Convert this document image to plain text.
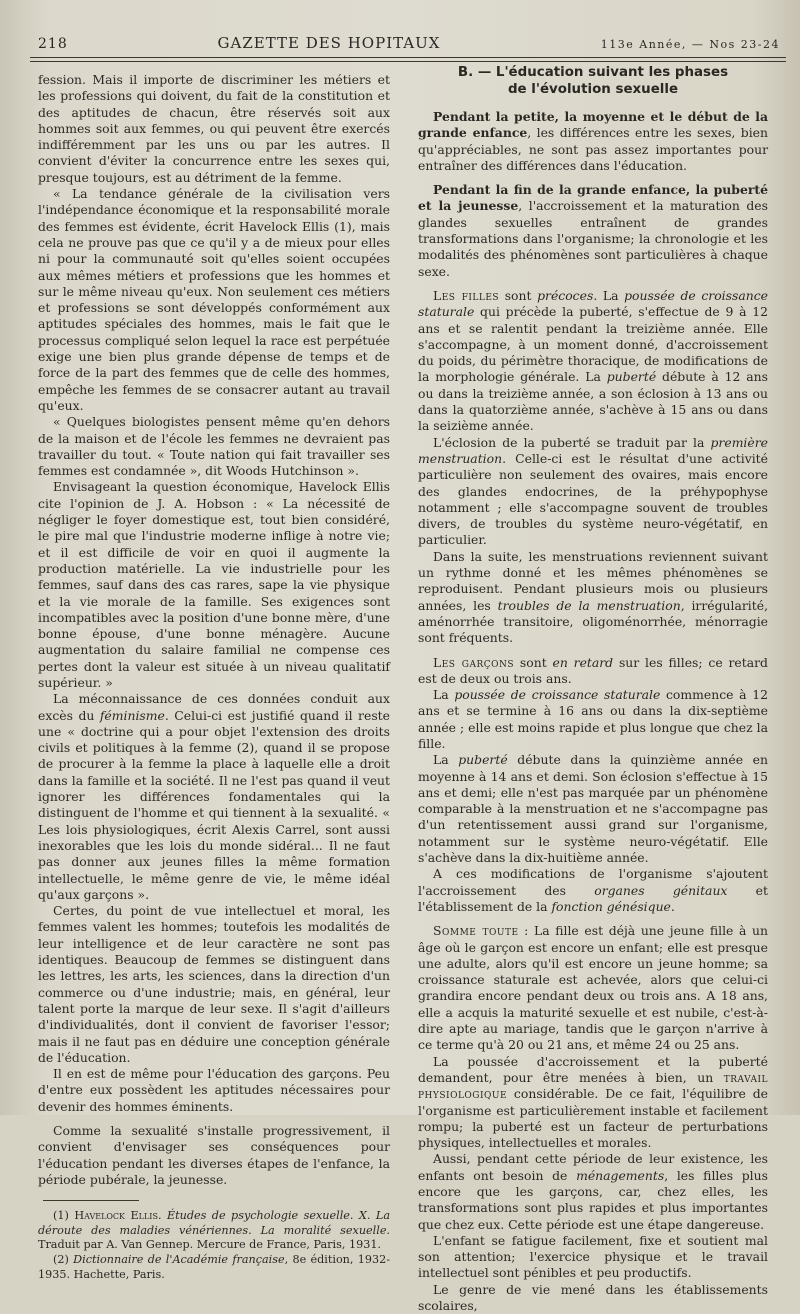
218	GAZETTE DES HOPITAUX	113e Année, — Nos 23-24

fession. Mais il importe de discriminer les métiers et les professions qui doivent, du fait de la constitution et des aptitudes de chacun, être réservés soit aux hommes soit aux femmes, ou qui peuvent être exercés indifféremment par les uns ou par les autres. Il convient d'éviter la concurrence entre les sexes qui, presque toujours, est au détriment de la femme.

« La tendance générale de la civilisation vers l'indépendance économique et la responsabilité morale des femmes est évidente, écrit Havelock Ellis (1), mais cela ne prouve pas que ce qu'il y a de mieux pour elles ni pour la communauté soit qu'elles soient occupées aux mêmes métiers et professions que les hommes et sur le même niveau qu'eux. Non seulement ces métiers et professions se sont développés conformément aux aptitudes spéciales des hommes, mais le fait que le processus compliqué selon lequel la race est perpétuée exige une bien plus grande dépense de temps et de force de la part des femmes que de celle des hommes, empêche les femmes de se consacrer autant au travail qu'eux.

« Quelques biologistes pensent même qu'en dehors de la maison et de l'école les femmes ne devraient pas travailler du tout. « Toute nation qui fait travailler ses femmes est condamnée », dit Woods Hutchinson ».

Envisageant la question économique, Havelock Ellis cite l'opinion de J. A. Hobson : « La nécessité de négliger le foyer domestique est, tout bien considéré, le pire mal que l'industrie moderne inflige à notre vie; et il est difficile de voir en quoi il augmente la production matérielle. La vie industrielle pour les femmes, sauf dans des cas rares, sape la vie physique et la vie morale de la famille. Ses exigences sont incompatibles avec la position d'une bonne mère, d'une bonne épouse, d'une bonne ménagère. Aucune augmentation du salaire familial ne compense ces pertes dont la valeur est située à un niveau qualitatif supérieur. »

La méconnaissance de ces données conduit aux excès du féminisme. Celui-ci est justifié quand il reste une « doctrine qui a pour objet l'extension des droits civils et politiques à la femme (2), quand il se propose de procurer à la femme la place à laquelle elle a droit dans la famille et la société. Il ne l'est pas quand il veut ignorer les différences fondamentales qui la distinguent de l'homme et qui tiennent à la sexualité. « Les lois physiologiques, écrit Alexis Carrel, sont aussi inexorables que les lois du monde sidéral... Il ne faut pas donner aux jeunes filles la même formation intellectuelle, le même genre de vie, le même idéal qu'aux garçons ».

Certes, du point de vue intellectuel et moral, les femmes valent les hommes; toutefois les modalités de leur intelligence et de leur caractère ne sont pas identiques. Beaucoup de femmes se distinguent dans les lettres, les arts, les sciences, dans la direction d'un commerce ou d'une industrie; mais, en général, leur talent porte la marque de leur sexe. Il s'agit d'ailleurs d'individualités, dont il convient de favoriser l'essor; mais il ne faut pas en déduire une conception générale de l'éducation.

Il en est de même pour l'éducation des garçons. Peu d'entre eux possèdent les aptitudes nécessaires pour devenir des hommes éminents.

Comme la sexualité s'installe progressivement, il convient d'envisager ses conséquences pour l'éducation pendant les diverses étapes de l'enfance, la période pubérale, la jeunesse.

(1) Havelock Ellis. Études de psychologie sexuelle. X. La déroute des maladies vénériennes. La moralité sexuelle. Traduit par A. Van Gennep. Mercure de France, Paris, 1931.

(2) Dictionnaire de l'Académie française, 8e édition, 1932-1935. Hachette, Paris.

B. — L'éducation suivant les phases
de l'évolution sexuelle

Pendant la petite, la moyenne et le début de la grande enfance, les différences entre les sexes, bien qu'appréciables, ne sont pas assez importantes pour entraîner des différences dans l'éducation.

Pendant la fin de la grande enfance, la puberté et la jeunesse, l'accroissement et la maturation des glandes sexuelles entraînent de grandes transformations dans l'organisme; la chronologie et les modalités des phénomènes sont particulières à chaque sexe.

Les filles sont précoces. La poussée de croissance staturale qui précède la puberté, s'effectue de 9 à 12 ans et se ralentit pendant la treizième année. Elle s'accompagne, à un moment donné, d'accroissement du poids, du périmètre thoracique, de modifications de la morphologie générale. La puberté débute à 12 ans ou dans la treizième année, a son éclosion à 13 ans ou dans la quatorzième année, s'achève à 15 ans ou dans la seizième année.

L'éclosion de la puberté se traduit par la première menstruation. Celle-ci est le résultat d'une activité particulière non seulement des ovaires, mais encore des glandes endocrines, de la préhypophyse notamment ; elle s'accompagne souvent de troubles divers, de troubles du système neuro-végétatif, en particulier.

Dans la suite, les menstruations reviennent suivant un rythme donné et les mêmes phénomènes se reproduisent. Pendant plusieurs mois ou plusieurs années, les troubles de la menstruation, irrégularité, aménorrhée transitoire, oligoménorrhée, ménorragie sont fréquents.

Les garçons sont en retard sur les filles; ce retard est de deux ou trois ans.

La poussée de croissance staturale commence à 12 ans et se termine à 16 ans ou dans la dix-septième année ; elle est moins rapide et plus longue que chez la fille.

La puberté débute dans la quinzième année en moyenne à 14 ans et demi. Son éclosion s'effectue à 15 ans et demi; elle n'est pas marquée par un phénomène comparable à la menstruation et ne s'accompagne pas d'un retentissement aussi grand sur l'organisme, notamment sur le système neuro-végétatif. Elle s'achève dans la dix-huitième année.

A ces modifications de l'organisme s'ajoutent l'accroissement des organes génitaux et l'établissement de la fonction génésique.

Somme toute : La fille est déjà une jeune fille à un âge où le garçon est encore un enfant; elle est presque une adulte, alors qu'il est encore un jeune homme; sa croissance staturale est achevée, alors que celui-ci grandira encore pendant deux ou trois ans. A 18 ans, elle a acquis la maturité sexuelle et est nubile, c'est-à-dire apte au mariage, tandis que le garçon n'arrive à ce terme qu'à 20 ou 21 ans, et même 24 ou 25 ans.

La poussée d'accroissement et la puberté demandent, pour être menées à bien, un travail physiologique considérable. De ce fait, l'équilibre de l'organisme est particulièrement instable et facilement rompu; la puberté est un facteur de perturbations physiques, intellectuelles et morales.

Aussi, pendant cette période de leur existence, les enfants ont besoin de ménagements, les filles plus encore que les garçons, car, chez elles, les transformations sont plus rapides et plus importantes que chez eux. Cette période est une étape dangereuse.

L'enfant se fatigue facilement, fixe et soutient mal son attention; l'exercice physique et le travail intellectuel sont pénibles et peu productifs.

Le genre de vie mené dans les établissements scolaires,
